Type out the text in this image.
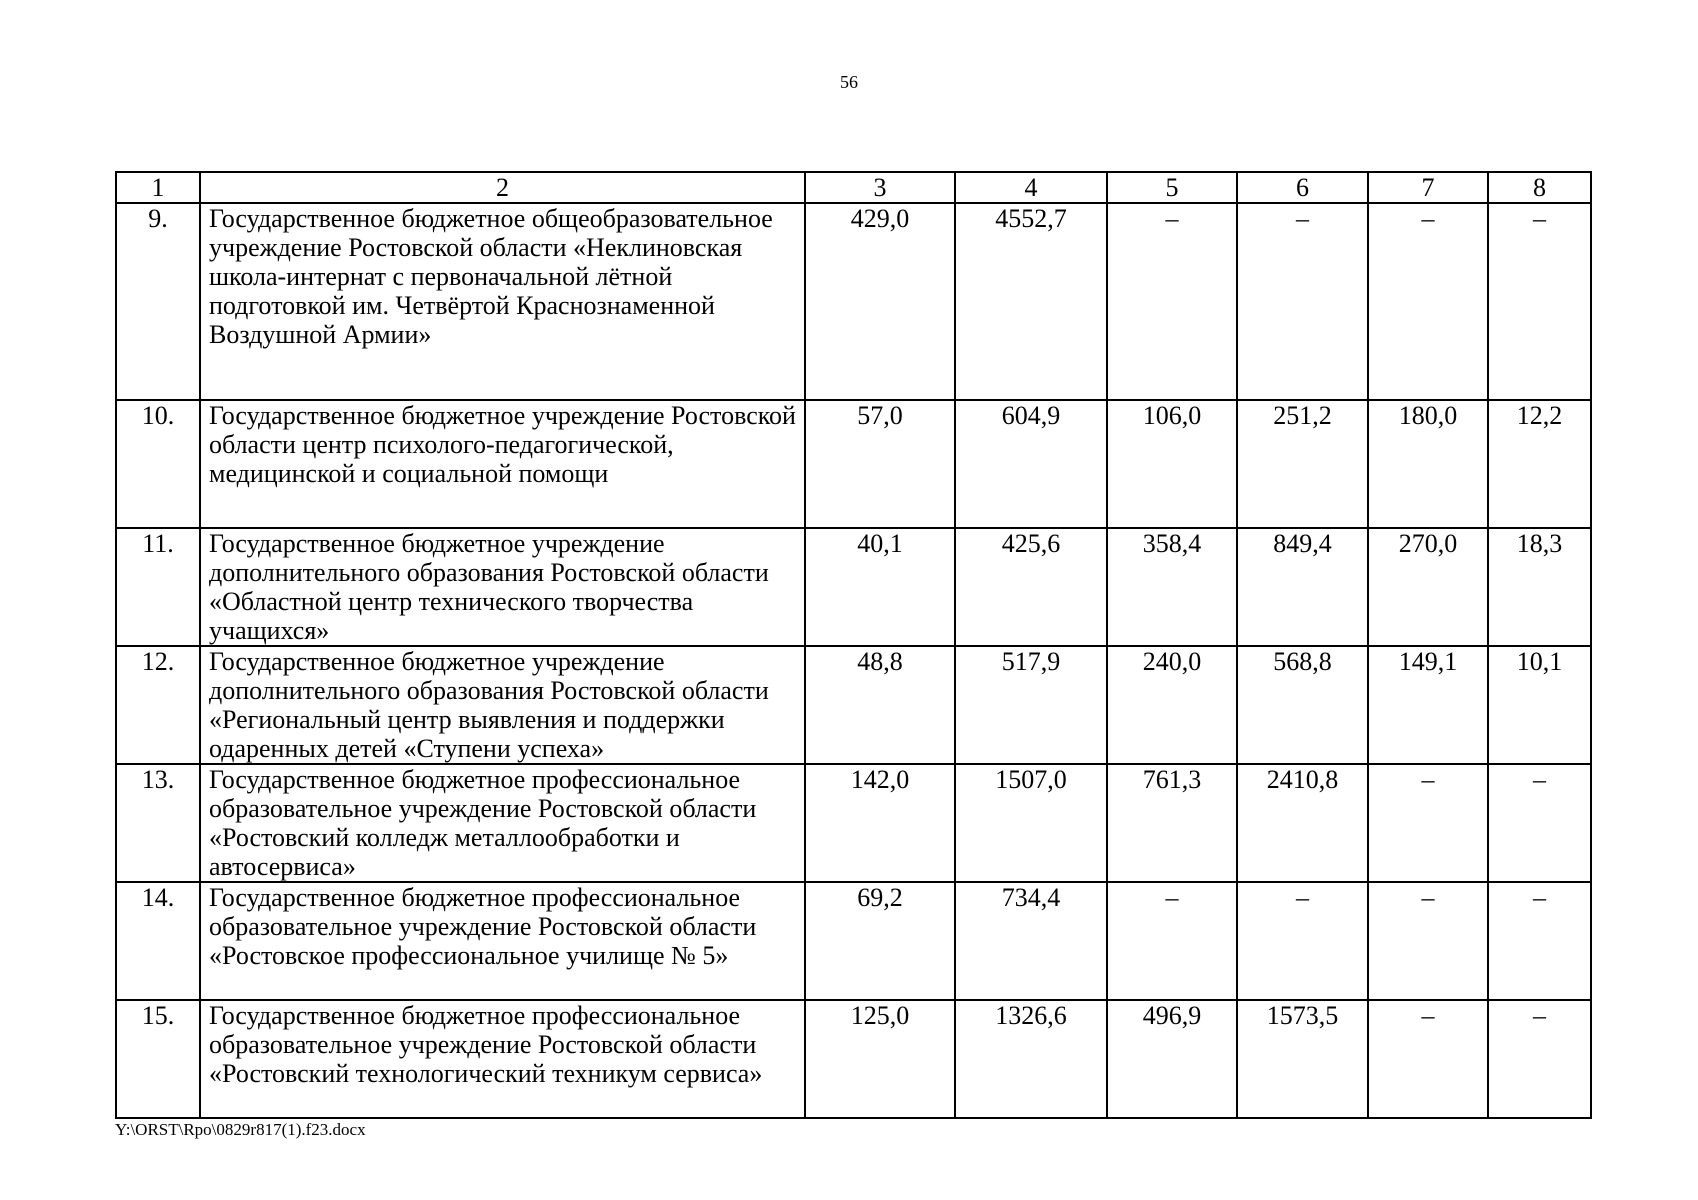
56
1	2	3	4	5	6	7	8
9.	Государственное бюджетное общеобразовательное учреждение Ростовской области «Неклиновская школа-интернат с первоначальной лётной подготовкой им. Четвёртой Краснознаменной Воздушной Армии»	429,0	4552,7	–	–	–	–
10.	Государственное бюджетное учреждение Ростовской области центр психолого-педагогической, медицинской и социальной помощи	57,0	604,9	106,0	251,2	180,0	12,2
11.	Государственное бюджетное учреждение дополнительного образования Ростовской области «Областной центр технического творчества учащихся»	40,1	425,6	358,4	849,4	270,0	18,3
12.	Государственное бюджетное учреждение дополнительного образования Ростовской области «Региональный центр выявления и поддержки одаренных детей «Ступени успеха»	48,8	517,9	240,0	568,8	149,1	10,1
13.	Государственное бюджетное профессиональное образовательное учреждение Ростовской области «Ростовский колледж металлообработки и автосервиса»	142,0	1507,0	761,3	2410,8	–	–
14.	Государственное бюджетное профессиональное образовательное учреждение Ростовской области «Ростовское профессиональное училище № 5»	69,2	734,4	–	–	–	–
15.	Государственное бюджетное профессиональное образовательное учреждение Ростовской области «Ростовский технологический техникум сервиса»	125,0	1326,6	496,9	1573,5	–	–
Y:\ORST\Rpo\0829r817(1).f23.docx
